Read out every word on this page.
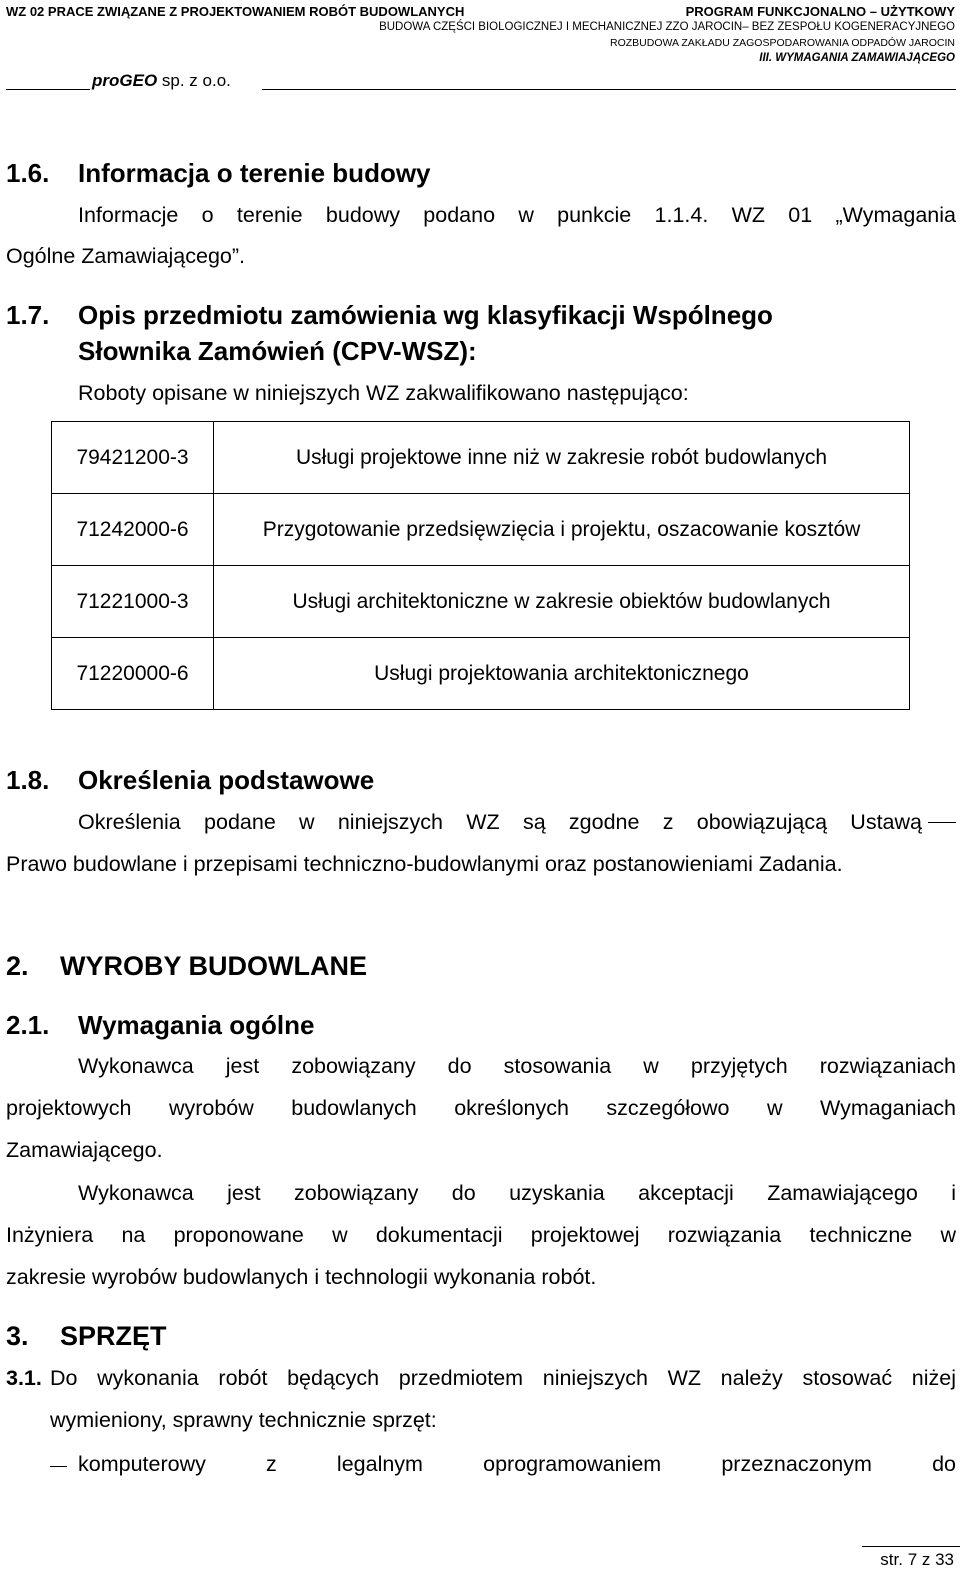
WZ 02 PRACE ZWIĄZANE Z PROJEKTOWANIEM ROBÓT BUDOWLANYCH	PROGRAM FUNKCJONALNO – UŻYTKOWY
BUDOWA CZĘŚCI BIOLOGICZNEJ I MECHANICZNEJ ZZO JAROCIN– BEZ ZESPOŁU KOGENERACYJNEGO
ROZBUDOWA ZAKŁADU ZAGOSPODAROWANIA ODPADÓW JAROCIN
III. WYMAGANIA ZAMAWIAJĄCEGO
proGEO sp. z o.o.
1.6. Informacja o terenie budowy
Informacje o terenie budowy podano w punkcie 1.1.4. WZ 01 „Wymagania
Ogólne Zamawiającego”.
1.7. Opis przedmiotu zamówienia wg klasyfikacji Wspólnego
Słownika Zamówień (CPV-WSZ):
Roboty opisane w niniejszych WZ zakwalifikowano następująco:
79421200-3	Usługi projektowe inne niż w zakresie robót budowlanych
71242000-6	Przygotowanie przedsięwzięcia i projektu, oszacowanie kosztów
71221000-3	Usługi architektoniczne w zakresie obiektów budowlanych
71220000-6	Usługi projektowania architektonicznego
1.8. Określenia podstawowe
Określenia podane w niniejszych WZ są zgodne z obowiązującą Ustawą
Prawo budowlane i przepisami techniczno-budowlanymi oraz postanowieniami Zadania.
2. WYROBY BUDOWLANE
2.1. Wymagania ogólne
Wykonawca jest zobowiązany do stosowania w przyjętych rozwiązaniach
projektowych wyrobów budowlanych określonych szczegółowo w Wymaganiach
Zamawiającego.
Wykonawca jest zobowiązany do uzyskania akceptacji Zamawiającego i
Inżyniera na proponowane w dokumentacji projektowej rozwiązania techniczne w
zakresie wyrobów budowlanych i technologii wykonania robót.
3. SPRZĘT
3.1. Do wykonania robót będących przedmiotem niniejszych WZ należy stosować niżej
wymieniony, sprawny technicznie sprzęt:
komputerowy z legalnym oprogramowaniem przeznaczonym do
str. 7 z 33
